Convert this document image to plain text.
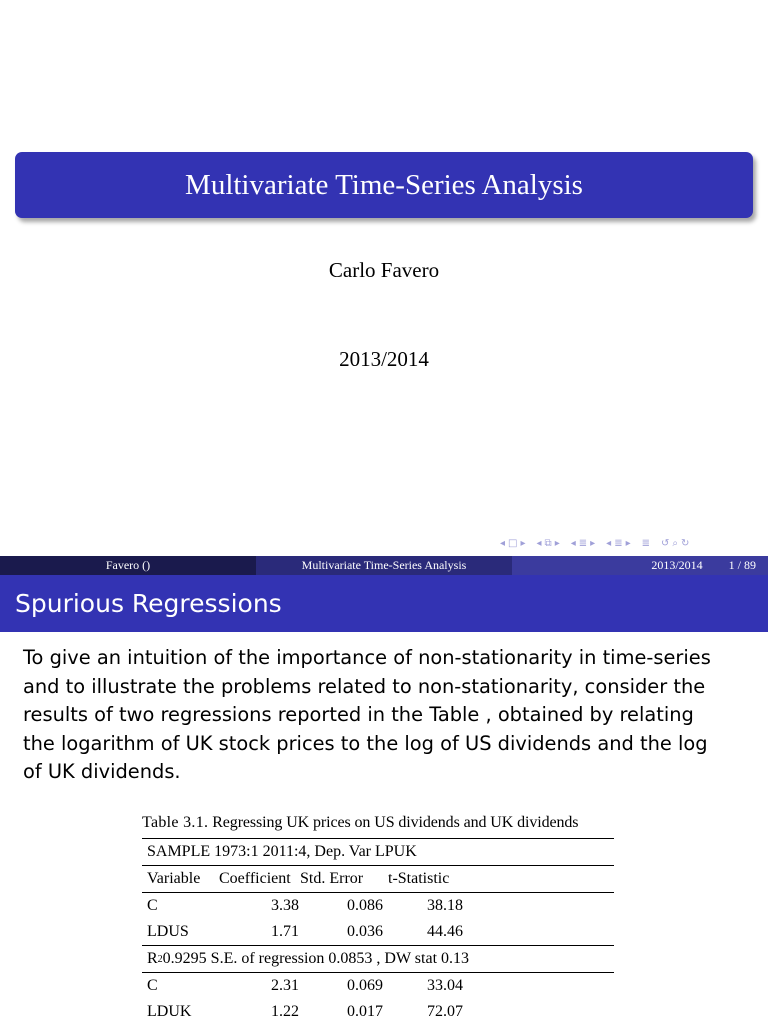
Multivariate Time-Series Analysis
Carlo Favero
2013/2014
◂ □ ▸ ◂ ⧉ ▸ ◂ ≣ ▸ ◂ ≣ ▸ ≣ ↺ ⌕ ↻
Favero ()	Multivariate Time-Series Analysis	2013/2014 1 / 89
Spurious Regressions
To give an intuition of the importance of non-stationarity in time-series
and to illustrate the problems related to non-stationarity, consider the
results of two regressions reported in the Table , obtained by relating
the logarithm of UK stock prices to the log of US dividends and the log
of UK dividends.
Table 3.1. Regressing UK prices on US dividends and UK dividends
SAMPLE 1973:1 2011:4, Dep. Var LPUK
Variable	Coefficient Std. Error	t-Statistic
C	3.38	0.086	38.18
LDUS	1.71	0.036	44.46
R 2 0.9295 S.E. of regression 0.0853 , DW stat 0.13
C	2.31	0.069	33.04
LDUK	1.22	0.017	72.07
